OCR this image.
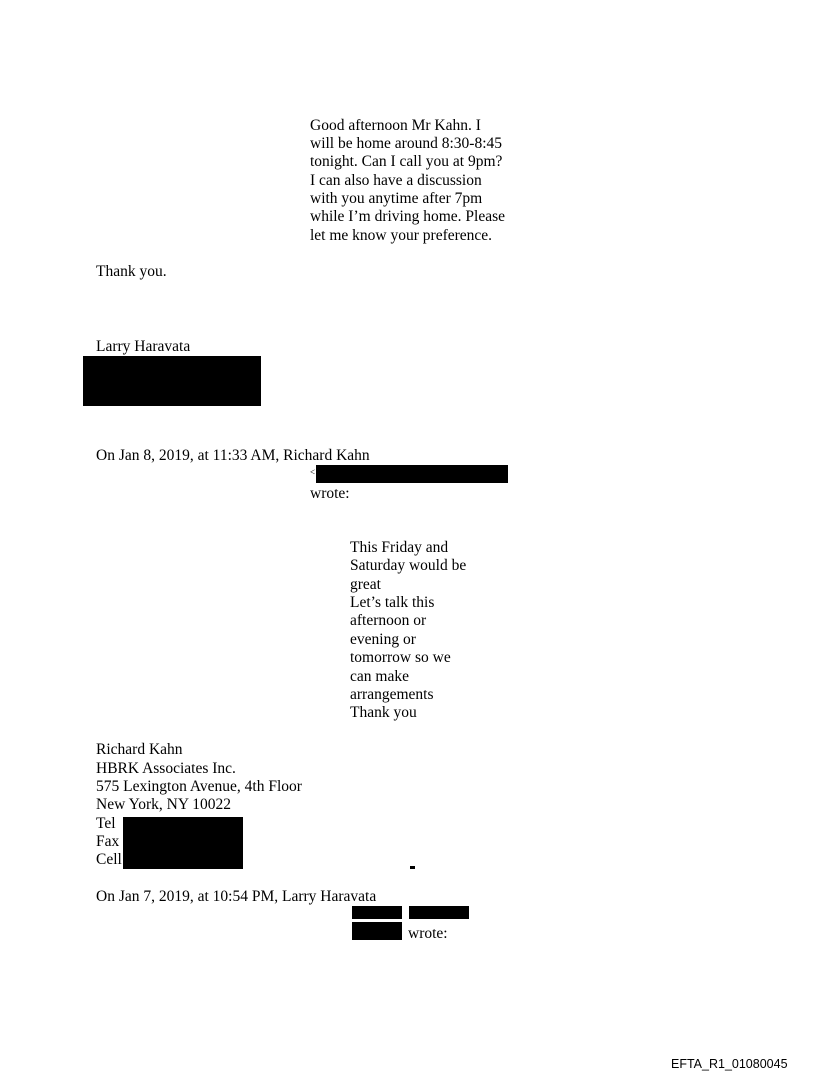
Good afternoon Mr Kahn. I

will be home around 8:30-8:45

tonight. Can I call you at 9pm?

I can also have a discussion

with you anytime after 7pm

while I’m driving home. Please

let me know your preference.

Thank you.

Larry Haravata

On Jan 8, 2019, at 11:33 AM, Richard Kahn

<

wrote:

This Friday and

Saturday would be

great

Let’s talk this

afternoon or

evening or

tomorrow so we

can make

arrangements

Thank you

Richard Kahn

HBRK Associates Inc.

575 Lexington Avenue, 4th Floor

New York, NY 10022

Tel

Fax

Cell

On Jan 7, 2019, at 10:54 PM, Larry Haravata

wrote:

EFTA_R1_01080045
